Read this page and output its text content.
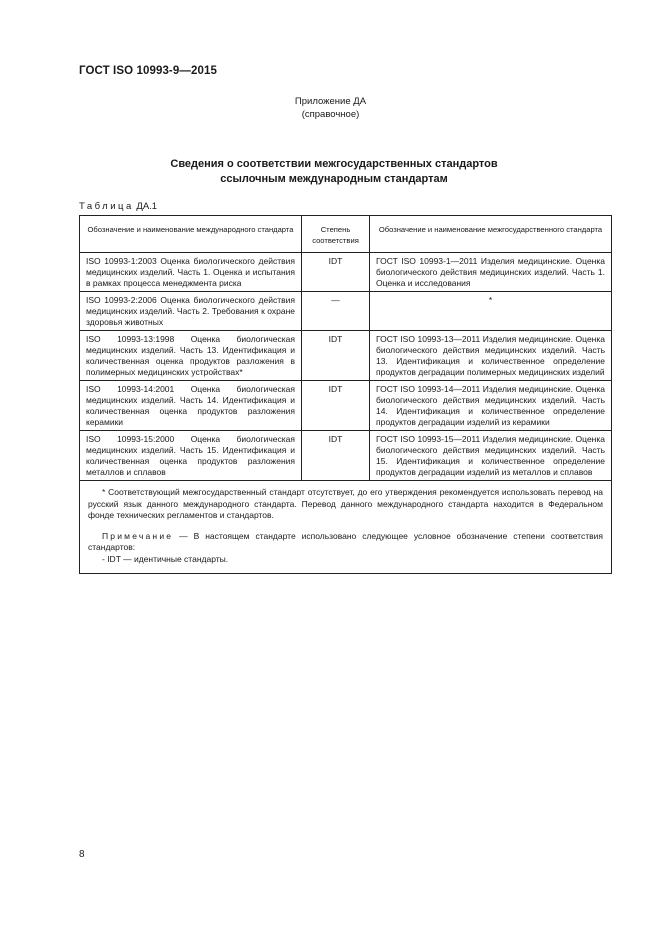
ГОСТ ISO 10993-9—2015
Приложение ДА
(справочное)
Сведения о соответствии межгосударственных стандартов
ссылочным международным стандартам
Таблица ДА.1
Обозначение и наименование международного стандарта	Степень соответствия	Обозначение и наименование межгосударственного стандарта
ISO 10993-1:2003 Оценка биологического действия медицинских изделий. Часть 1. Оценка и испытания в рамках процесса менеджмента риска	IDT	ГОСТ ISO 10993-1—2011 Изделия медицинские. Оценка биологического действия медицинских изделий. Часть 1. Оценка и исследования
ISO 10993-2:2006 Оценка биологического действия медицинских изделий. Часть 2. Требования к охране здоровья животных	—	*
ISO 10993-13:1998 Оценка биологическая медицинских изделий. Часть 13. Идентификация и количественная оценка продуктов разложения в полимерных медицинских устройствах*	IDT	ГОСТ ISO 10993-13—2011 Изделия медицинские. Оценка биологического действия медицинских изделий. Часть 13. Идентификация и количественное определение продуктов деградации полимерных медицинских изделий
ISO 10993-14:2001 Оценка биологическая медицинских изделий. Часть 14. Идентификация и количественная оценка продуктов разложения керамики	IDT	ГОСТ ISO 10993-14—2011 Изделия медицинские. Оценка биологического действия медицинских изделий. Часть 14. Идентификация и количественное определение продуктов деградации изделий из керамики
ISO 10993-15:2000 Оценка биологическая медицинских изделий. Часть 15. Идентификация и количественная оценка продуктов разложения металлов и сплавов	IDT	ГОСТ ISO 10993-15—2011 Изделия медицинские. Оценка биологического действия медицинских изделий. Часть 15. Идентификация и количественное определение продуктов деградации изделий из металлов и сплавов

* Соответствующий межгосударственный стандарт отсутствует, до его утверждения рекомендуется использовать перевод на русский язык данного международного стандарта. Перевод данного международного стандарта находится в Федеральном фонде технических регламентов и стандартов.

Примечание — В настоящем стандарте использовано следующее условное обозначение степени соответствия стандартов:

- IDT — идентичные стандарты.		

8
